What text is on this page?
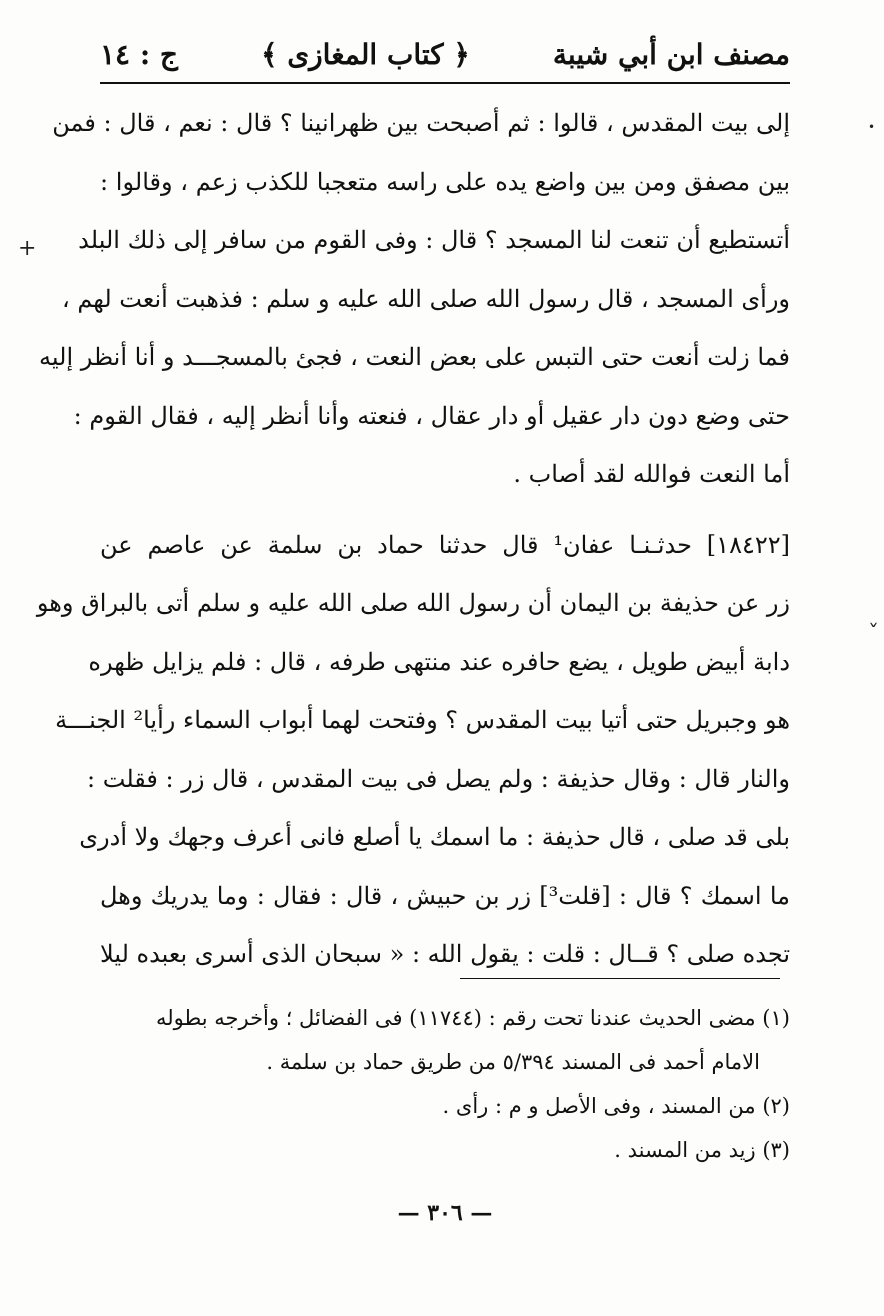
مصنف ابن أبي شيبة
﴿ كتاب المغازى ﴾
ج : ١٤

إلى بيت المقدس ، قالوا : ثم أصبحت بين ظهرانينا ؟ قال : نعم ، قال : فمن
بين مصفق ومن بين واضع يده على راسه متعجبا للكذب زعم ، وقالوا :
أتستطيع أن تنعت لنا المسجد ؟ قال : وفى القوم من سافر إلى ذلك البلد
ورأى المسجد ، قال رسول الله صلى الله عليه و سلم : فذهبت أنعت لهم ،
فما زلت أنعت حتى التبس على بعض النعت ، فجئ بالمسجـــد و أنا أنظر إليه
حتى وضع دون دار عقيل أو دار عقال ، فنعته وأنا أنظر إليه ، فقال القوم :
أما النعت فوالله لقد أصاب .

[١٨٤٢٢] حدثـنـا عفان¹ قال حدثنا حماد بن سلمة عن عاصم عن
زر عن حذيفة بن اليمان أن رسول الله صلى الله عليه و سلم أتى بالبراق وهو
دابة أبيض طويل ، يضع حافره عند منتهى طرفه ، قال : فلم يزايل ظهره
هو وجبريل حتى أتيا بيت المقدس ؟ وفتحت لهما أبواب السماء رأيا² الجنـــة
والنار قال : وقال حذيفة : ولم يصل فى بيت المقدس ، قال زر : فقلت :
بلى قد صلى ، قال حذيفة : ما اسمك يا أصلع فانى أعرف وجهك ولا أدرى
ما اسمك ؟ قال : [قلت³] زر بن حبيش ، قال : فقال : وما يدريك وهل
تجده صلى ؟ قــال : قلت : يقول الله : « سبحان الذى أسرى بعبده ليلا

(١) مضى الحديث عندنا تحت رقم : (١١٧٤٤) فى الفضائل ؛ وأخرجه بطوله
الامام أحمد فى المسند ٥/٣٩٤ من طريق حماد بن سلمة .
(٢) من المسند ، وفى الأصل و م : رأى .
(٣) زيد من المسند .
— ٣٠٦ —
+
•
ˇ
